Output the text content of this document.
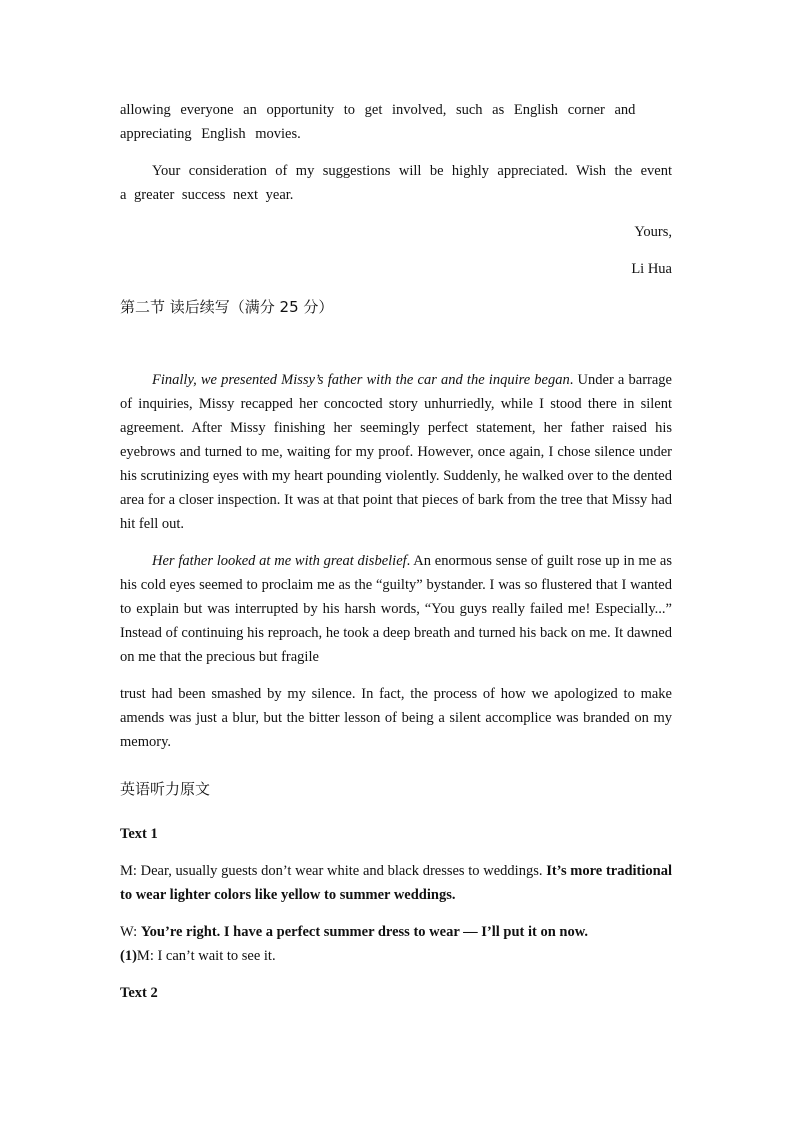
allowing everyone an opportunity to get involved, such as English corner and appreciating English movies.

Your consideration of my suggestions will be highly appreciated. Wish the event a greater success next year.

Yours,

Li Hua

第二节 读后续写（满分 25 分）

Finally, we presented Missy’s father with the car and the inquire began. Under a barrage of inquiries, Missy recapped her concocted story unhurriedly, while I stood there in silent agreement. After Missy finishing her seemingly perfect statement, her father raised his eyebrows and turned to me, waiting for my proof. However, once again, I chose silence under his scrutinizing eyes with my heart pounding violently. Suddenly, he walked over to the dented area for a closer inspection. It was at that point that pieces of bark from the tree that Missy had hit fell out.

Her father looked at me with great disbelief. An enormous sense of guilt rose up in me as his cold eyes seemed to proclaim me as the “guilty” bystander. I was so flustered that I wanted to explain but was interrupted by his harsh words, “You guys really failed me! Especially...” Instead of continuing his reproach, he took a deep breath and turned his back on me. It dawned on me that the precious but fragile

trust had been smashed by my silence. In fact, the process of how we apologized to make amends was just a blur, but the bitter lesson of being a silent accomplice was branded on my memory.

英语听力原文

Text 1

M: Dear, usually guests don’t wear white and black dresses to weddings. It’s more traditional to wear lighter colors like yellow to summer weddings.

W: You’re right. I have a perfect summer dress to wear — I’ll put it on now.

(1)M: I can’t wait to see it.

Text 2
